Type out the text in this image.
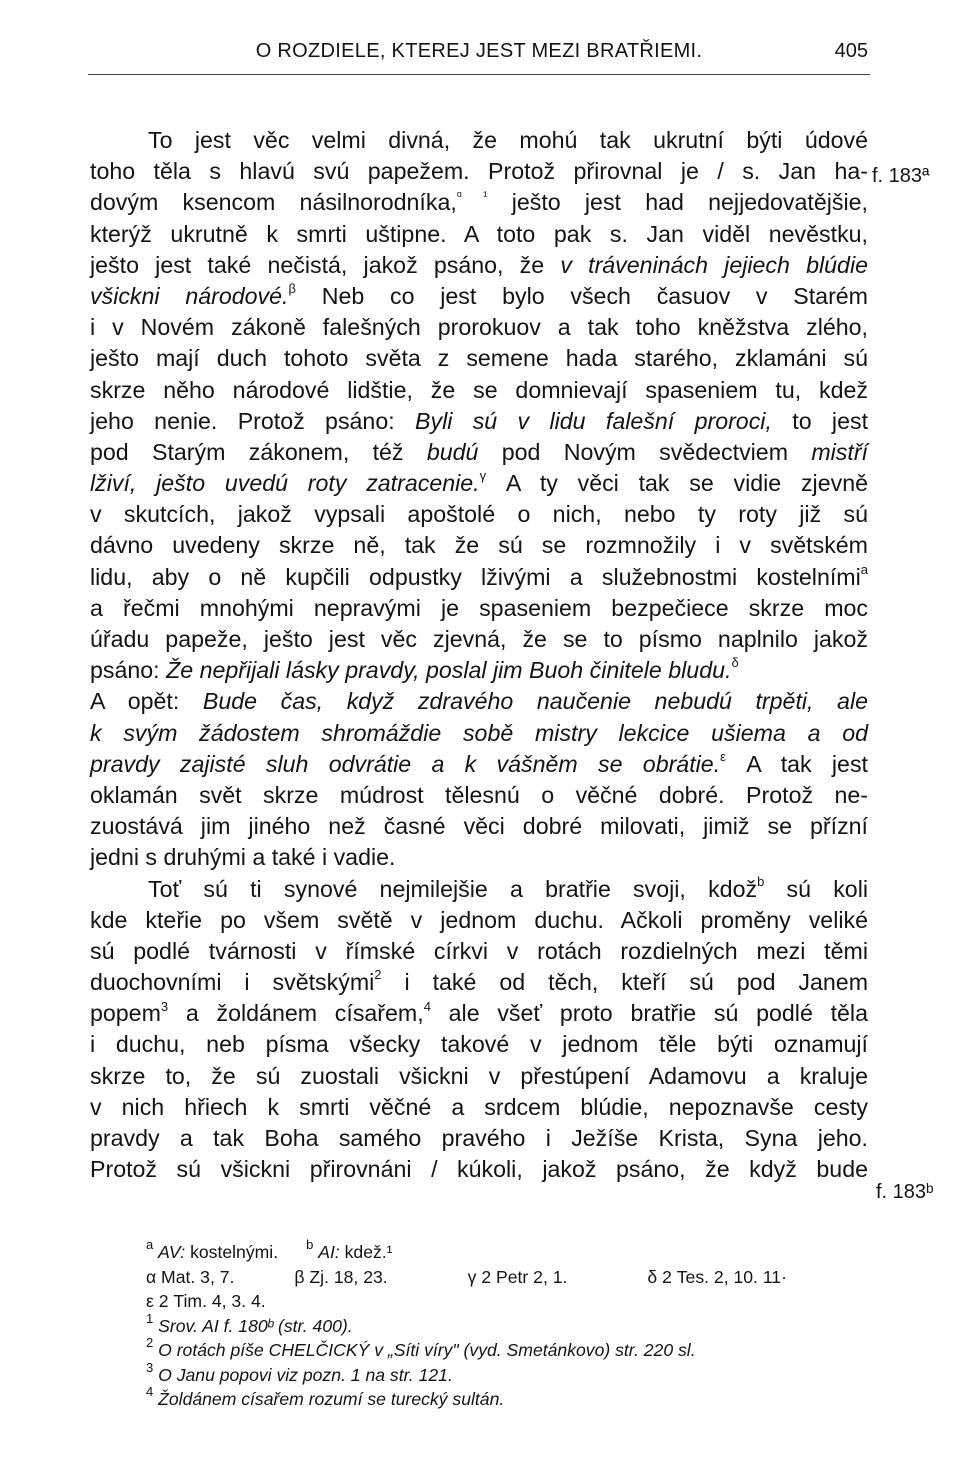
O ROZDIELE, KTEREJ JEST MEZI BRATŘIEMI.	405
f. 183ª
f. 183ᵇ
To jest věc velmi divná, že mohú tak ukrutní býti údové
toho těla s hlavú svú papežem. Protož přirovnal je / s. Jan ha-
dovým ksencom násilnorodníka,$^{ᵅ ^1}$ ješto jest had nejjedovatějšie,
kterýž ukrutně k smrti uštipne. A toto pak s. Jan viděl nevěstku,
ješto jest také nečistá, jakož psáno, že v tráveninách jejiech blúdie
všickni národové.$^\beta$ Neb co jest bylo všech časuov v Starém
i v Novém zákoně falešných prorokuov a tak toho kněžstva zlého,
ješto mají duch tohoto světa z semene hada starého, zklamáni sú
skrze něho národové lidštie, že se domnievají spaseniem tu, kdež
jeho nenie. Protož psáno: Byli sú v lidu falešní proroci, to jest
pod Starým zákonem, též budú pod Novým svědectviem mistří
lživí, ješto uvedú roty zatracenie.$^\gamma$ A ty věci tak se vidie zjevně
v skutcích, jakož vypsali apoštolé o nich, nebo ty roty již sú
dávno uvedeny skrze ně, tak že sú se rozmnožily i v světském
lidu, aby o ně kupčili odpustky lživými a služebnostmi kostelními$^a$
a řečmi mnohými nepravými je spaseniem bezpečiece skrze moc
úřadu papeže, ješto jest věc zjevná, že se to písmo naplnilo jakož
psáno: Že nepřijali lásky pravdy, poslal jim Buoh činitele bludu.$^\delta$
A opět: Bude čas, když zdravého naučenie nebudú trpěti, ale
k svým žádostem shromáždie sobě mistry lekcice ušiema a od
pravdy zajisté sluh odvrátie a k vášněm se obrátie.$^\varepsilon$ A tak jest
oklamán svět skrze múdrost tělesnú o věčné dobré. Protož ne-
zuostává jim jiného než časné věci dobré milovati, jimiž se přízní
jedni s druhými a také i vadie.
Toť sú ti synové nejmilejšie a bratřie svoji, kdož$^b$ sú koli
kde kteřie po všem světě v jednom duchu. Ačkoli proměny veliké
sú podlé tvárnosti v římské církvi v rotách rozdielných mezi těmi
duochovními i světskými$^2$ i také od těch, kteří sú pod Janem
popem$^3$ a žoldánem císařem,$^4$ ale všeť proto bratřie sú podlé těla
i duchu, neb písma všecky takové v jednom těle býti oznamují
skrze to, že sú zuostali všickni v přestúpení Adamovu a kralujе
v nich hřiech k smrti věčné a srdcem blúdie, nepoznavše cesty
pravdy a tak Boha samého pravého i Ježíše Krista, Syna jeho.
Protož sú všickni přirovnáni / kúkoli, jakož psáno, že když bude
$^a$ AV: kostelnými. $^b$ AI: kdež.¹
α Mat. 3, 7.	β Zj. 18, 23.	γ 2 Petr 2, 1.	δ 2 Tes. 2, 10. 11·
ε 2 Tim. 4, 3. 4.
$^1$ Srov. AI f. 180ᵇ (str. 400).
$^2$ O rotách píše CHELČICKÝ v „Síti víry" (vyd. Smetánkovo) str. 220 sl.
$^3$ O Janu popovi viz pozn. 1 na str. 121.
$^4$ Žoldánem císařem rozumí se turecký sultán.
